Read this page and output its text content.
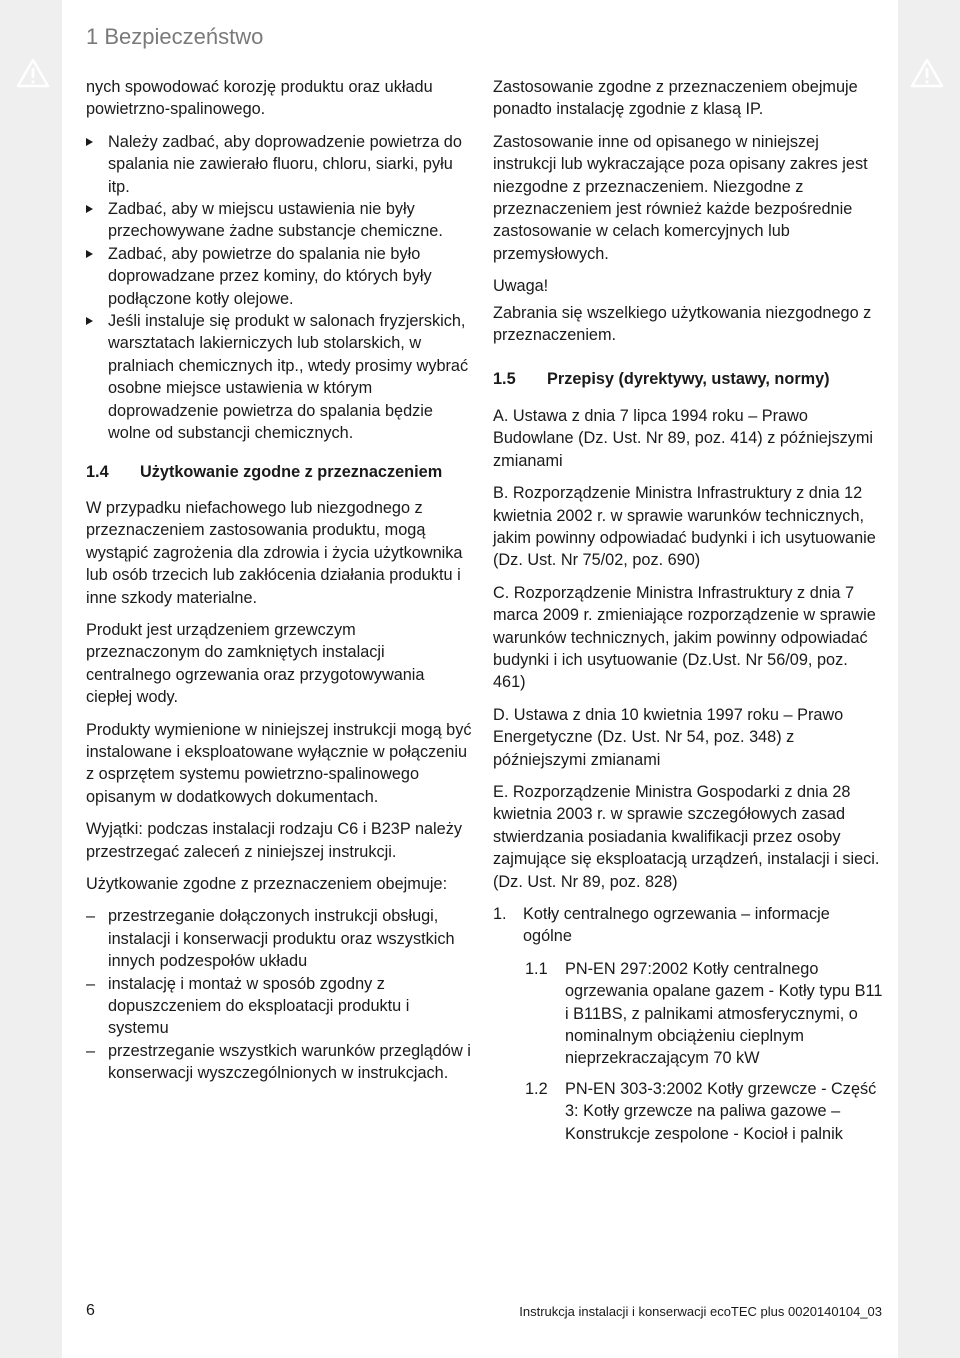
1 Bezpieczeństwo

nych spowodować korozję produktu oraz układu powietrzno-spalinowego.

Należy zadbać, aby doprowadzenie powietrza do spalania nie zawierało fluoru, chloru, siarki, pyłu itp.
Zadbać, aby w miejscu ustawienia nie były przechowywane żadne substancje chemiczne.
Zadbać, aby powietrze do spalania nie było doprowadzane przez kominy, do których były podłączone kotły olejowe.
Jeśli instaluje się produkt w salonach fryzjerskich, warsztatach lakierniczych lub stolarskich, w pralniach chemicznych itp., wtedy prosimy wybrać osobne miejsce ustawienia w którym doprowadzenie powietrza do spalania będzie wolne od substancji chemicznych.
1.4 Użytkowanie zgodne z przeznaczeniem

W przypadku niefachowego lub niezgodnego z przeznaczeniem zastosowania produktu, mogą wystąpić zagrożenia dla zdrowia i życia użytkownika lub osób trzecich lub zakłócenia działania produktu i inne szkody materialne.

Produkt jest urządzeniem grzewczym przeznaczonym do zamkniętych instalacji centralnego ogrzewania oraz przygotowywania ciepłej wody.

Produkty wymienione w niniejszej instrukcji mogą być instalowane i eksploatowane wyłącznie w połączeniu z osprzętem systemu powietrzno-spalinowego opisanym w dodatkowych dokumentach.

Wyjątki: podczas instalacji rodzaju C6 i B23P należy przestrzegać zaleceń z niniejszej instrukcji.

Użytkowanie zgodne z przeznaczeniem obejmuje:

– przestrzeganie dołączonych instrukcji obsługi, instalacji i konserwacji produktu oraz wszystkich innych podzespołów układu
– instalację i montaż w sposób zgodny z dopuszczeniem do eksploatacji produktu i systemu
– przestrzeganie wszystkich warunków przeglądów i konserwacji wyszczególnionych w instrukcjach.

Zastosowanie zgodne z przeznaczeniem obejmuje ponadto instalację zgodnie z klasą IP.

Zastosowanie inne od opisanego w niniejszej instrukcji lub wykraczające poza opisany zakres jest niezgodne z przeznaczeniem. Niezgodne z przeznaczeniem jest również każde bezpośrednie zastosowanie w celach komercyjnych lub przemysłowych.

Uwaga!

Zabrania się wszelkiego użytkowania niezgodnego z przeznaczeniem.

1.5 Przepisy (dyrektywy, ustawy, normy)

A. Ustawa z dnia 7 lipca 1994 roku – Prawo Budowlane (Dz. Ust. Nr 89, poz. 414) z późniejszymi zmianami

B. Rozporządzenie Ministra Infrastruktury z dnia 12 kwietnia 2002 r. w sprawie warunków technicznych, jakim powinny odpowiadać budynki i ich usytuowanie (Dz. Ust. Nr 75/02, poz. 690)

C. Rozporządzenie Ministra Infrastruktury z dnia 7 marca 2009 r. zmieniające rozporządzenie w sprawie warunków technicznych, jakim powinny odpowiadać budynki i ich usytuowanie (Dz.Ust. Nr 56/09, poz. 461)

D. Ustawa z dnia 10 kwietnia 1997 roku – Prawo Energetyczne (Dz. Ust. Nr 54, poz. 348) z późniejszymi zmianami

E. Rozporządzenie Ministra Gospodarki z dnia 28 kwietnia 2003 r. w sprawie szczegółowych zasad stwierdzania posiadania kwalifikacji przez osoby zajmujące się eksploatacją urządzeń, instalacji i sieci. (Dz. Ust. Nr 89, poz. 828)

1. Kotły centralnego ogrzewania – informacje ogólne
1.1 PN-EN 297:2002 Kotły centralnego ogrzewania opalane gazem - Kotły typu B11 i B11BS, z palnikami atmosferycznymi, o nominalnym obciążeniu cieplnym nieprzekraczającym 70 kW
1.2 PN-EN 303-3:2002 Kotły grzewcze - Część 3: Kotły grzewcze na paliwa gazowe – Konstrukcje zespolone - Kocioł i palnik
6	Instrukcja instalacji i konserwacji ecoTEC plus 0020140104_03
